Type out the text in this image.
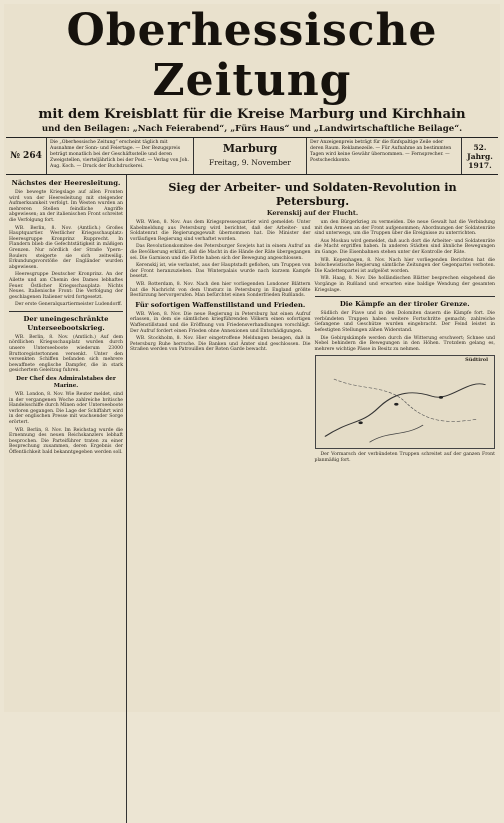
Oberhessische Zeitung
mit dem Kreisblatt für die Kreise Marburg und Kirchhain
und den Beilagen: „Nach Feierabend“, „Fürs Haus“ und „Landwirtschaftliche Beilage“.
№ 264
Die „Oberhessische Zeitung“ erscheint täglich mit Ausnahme der Sonn- und Feiertage. — Der Bezugspreis beträgt monatlich bei der Geschäftsstelle und deren Zweigstellen, vierteljährlich bei der Post. — Verlag von Joh. Aug. Koch. — Druck der Buchdruckerei.
Marburg
Freitag, 9. November
Der Anzeigenpreis beträgt für die fünfspaltige Zeile oder deren Raum. Reklamezeile. — Für Aufnahme an bestimmten Tagen wird keine Gewähr übernommen. — Fernsprecher. — Postscheckkonto.
52. Jahrg.
1917.
Nächstes der Heeresleitung.

Die bewegte Kriegslage auf allen Fronten wird von der Heeresleitung mit steigender Aufmerksamkeit verfolgt. Im Westen wurden an mehreren Stellen feindliche Angriffe abgewiesen; an der italienischen Front schreitet die Verfolgung fort.

WB. Berlin, 8. Nov. (Amtlich.) Großes Hauptquartier. Westlicher Kriegsschauplatz: Heeresgruppe Kronprinz Rupprecht. In Flandern blieb die Gefechtstätigkeit in mäßigen Grenzen. Nur nördlich der Straße Ypern–Roulers steigerte sie sich zeitweilig. Erkundungsvorstöße der Engländer wurden abgewiesen.

Heeresgruppe Deutscher Kronprinz. An der Ailette und am Chemin des Dames lebhaftes Feuer. Östlicher Kriegsschauplatz: Nichts Neues. Italienische Front: Die Verfolgung der geschlagenen Italiener wird fortgesetzt.

Der erste Generalquartiermeister Ludendorff.

Der uneingeschränkte Unterseebootskrieg.

WB. Berlin, 8. Nov. (Amtlich.) Auf dem nördlichen Kriegsschauplatz wurden durch unsere Unterseeboote wiederum 23000 Bruttoregistertonnen versenkt. Unter den versenkten Schiffen befanden sich mehrere bewaffnete englische Dampfer, die in stark gesichertem Geleitzug fuhren.

Der Chef des Admiralstabes der Marine.

WB. London, 8. Nov. Wie Reuter meldet, sind in der vergangenen Woche zahlreiche britische Handelsschiffe durch Minen oder Unterseeboote verloren gegangen. Die Lage der Schiffahrt wird in der englischen Presse mit wachsender Sorge erörtert.

WB. Berlin, 8. Nov. Im Reichstag wurde die Ernennung des neuen Reichskanzlers lebhaft besprochen. Die Parteiführer traten zu einer Besprechung zusammen, deren Ergebnis der Öffentlichkeit bald bekanntgegeben werden soll.

Sieg der Arbeiter- und Soldaten-Revolution in Petersburg.
Kerenskij auf der Flucht.

WB. Wien, 8. Nov. Aus dem Kriegspressequartier wird gemeldet: Unter Kabelmeldung aus Petersburg wird berichtet, daß der Arbeiter- und Soldatenrat die Regierungsgewalt übernommen hat. Die Minister der vorläufigen Regierung sind verhaftet worden.

Das Revolutionskomitee des Petersburger Sowjets hat in einem Aufruf an die Bevölkerung erklärt, daß die Macht in die Hände der Räte übergegangen sei. Die Garnison und die Flotte haben sich der Bewegung angeschlossen.

Kerenskij ist, wie verlautet, aus der Hauptstadt geflohen, um Truppen von der Front heranzuziehen. Das Winterpalais wurde nach kurzem Kampfe besetzt.

WB. Rotterdam, 8. Nov. Nach den hier vorliegenden Londoner Blättern hat die Nachricht von dem Umsturz in Petersburg in England größte Bestürzung hervorgerufen. Man befürchtet einen Sonderfrieden Rußlands.

Für sofortigen Waffenstillstand und Frieden.

WB. Wien, 8. Nov. Die neue Regierung in Petersburg hat einen Aufruf erlassen, in dem sie sämtlichen kriegführenden Völkern einen sofortigen Waffenstillstand und die Eröffnung von Friedensverhandlungen vorschlägt. Der Aufruf fordert einen Frieden ohne Annexionen und Entschädigungen.

WB. Stockholm, 8. Nov. Hier eingetroffene Meldungen besagen, daß in Petersburg Ruhe herrsche. Die Banken und Ämter sind geschlossen. Die Straßen werden von Patrouillen der Roten Garde bewacht.

um den Bürgerkrieg zu vermeiden. Die neue Gewalt hat die Verbindung mit den Armeen an der Front aufgenommen; Abordnungen der Soldatenräte sind unterwegs, um die Truppen über die Ereignisse zu unterrichten.

Aus Moskau wird gemeldet, daß auch dort die Arbeiter- und Soldatenräte die Macht ergriffen haben. In anderen Städten sind ähnliche Bewegungen im Gange. Die Eisenbahnen stehen unter der Kontrolle der Räte.

WB. Kopenhagen, 8. Nov. Nach hier vorliegenden Berichten hat die bolschewistische Regierung sämtliche Zeitungen der Gegenpartei verboten. Die Kadettenpartei ist aufgelöst worden.

WB. Haag, 8. Nov. Die holländischen Blätter besprechen eingehend die Vorgänge in Rußland und erwarten eine baldige Wendung der gesamten Kriegslage.

Die Kämpfe an der tiroler Grenze.

Südlich der Piave und in den Dolomiten dauern die Kämpfe fort. Die verbündeten Truppen haben weitere Fortschritte gemacht; zahlreiche Gefangene und Geschütze wurden eingebracht. Der Feind leistet in befestigten Stellungen zähen Widerstand.

Die Gebirgskämpfe werden durch die Witterung erschwert; Schnee und Nebel behindern die Bewegungen in den Höhen. Trotzdem gelang es, mehrere wichtige Pässe in Besitz zu nehmen.

Südtirol

Der Vormarsch der verbündeten Truppen schreitet auf der ganzen Front planmäßig fort.
